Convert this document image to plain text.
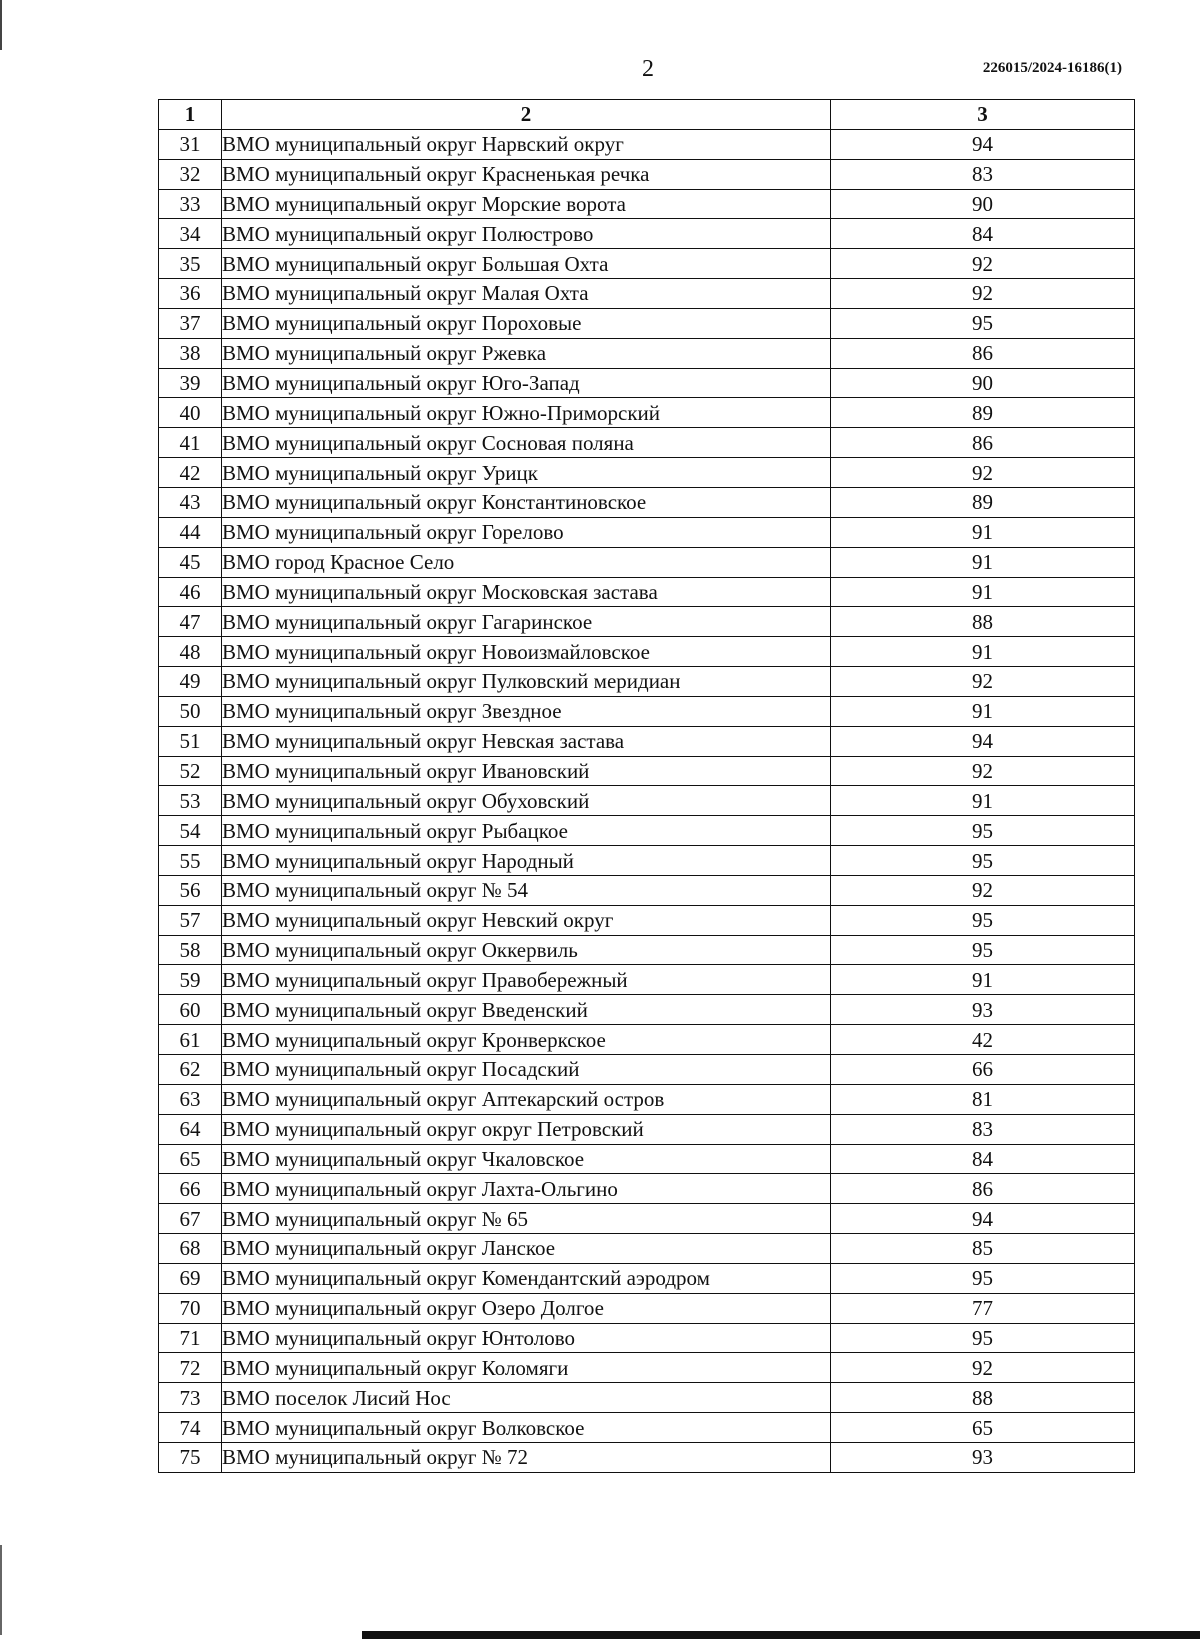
2	226015/2024-16186(1)
1	2	3
31	ВМО муниципальный округ Нарвский округ	94
32	ВМО муниципальный округ Красненькая речка	83
33	ВМО муниципальный округ Морские ворота	90
34	ВМО муниципальный округ Полюстрово	84
35	ВМО муниципальный округ Большая Охта	92
36	ВМО муниципальный округ Малая Охта	92
37	ВМО муниципальный округ Пороховые	95
38	ВМО муниципальный округ Ржевка	86
39	ВМО муниципальный округ Юго-Запад	90
40	ВМО муниципальный округ Южно-Приморский	89
41	ВМО муниципальный округ Сосновая поляна	86
42	ВМО муниципальный округ Урицк	92
43	ВМО муниципальный округ Константиновское	89
44	ВМО муниципальный округ Горелово	91
45	ВМО город Красное Село	91
46	ВМО муниципальный округ Московская застава	91
47	ВМО муниципальный округ Гагаринское	88
48	ВМО муниципальный округ Новоизмайловское	91
49	ВМО муниципальный округ Пулковский меридиан	92
50	ВМО муниципальный округ Звездное	91
51	ВМО муниципальный округ Невская застава	94
52	ВМО муниципальный округ Ивановский	92
53	ВМО муниципальный округ Обуховский	91
54	ВМО муниципальный округ Рыбацкое	95
55	ВМО муниципальный округ Народный	95
56	ВМО муниципальный округ № 54	92
57	ВМО муниципальный округ Невский округ	95
58	ВМО муниципальный округ Оккервиль	95
59	ВМО муниципальный округ Правобережный	91
60	ВМО муниципальный округ Введенский	93
61	ВМО муниципальный округ Кронверкское	42
62	ВМО муниципальный округ Посадский	66
63	ВМО муниципальный округ Аптекарский остров	81
64	ВМО муниципальный округ округ Петровский	83
65	ВМО муниципальный округ Чкаловское	84
66	ВМО муниципальный округ Лахта-Ольгино	86
67	ВМО муниципальный округ № 65	94
68	ВМО муниципальный округ Ланское	85
69	ВМО муниципальный округ Комендантский аэродром	95
70	ВМО муниципальный округ Озеро Долгое	77
71	ВМО муниципальный округ Юнтолово	95
72	ВМО муниципальный округ Коломяги	92
73	ВМО поселок Лисий Нос	88
74	ВМО муниципальный округ Волковское	65
75	ВМО муниципальный округ № 72	93
